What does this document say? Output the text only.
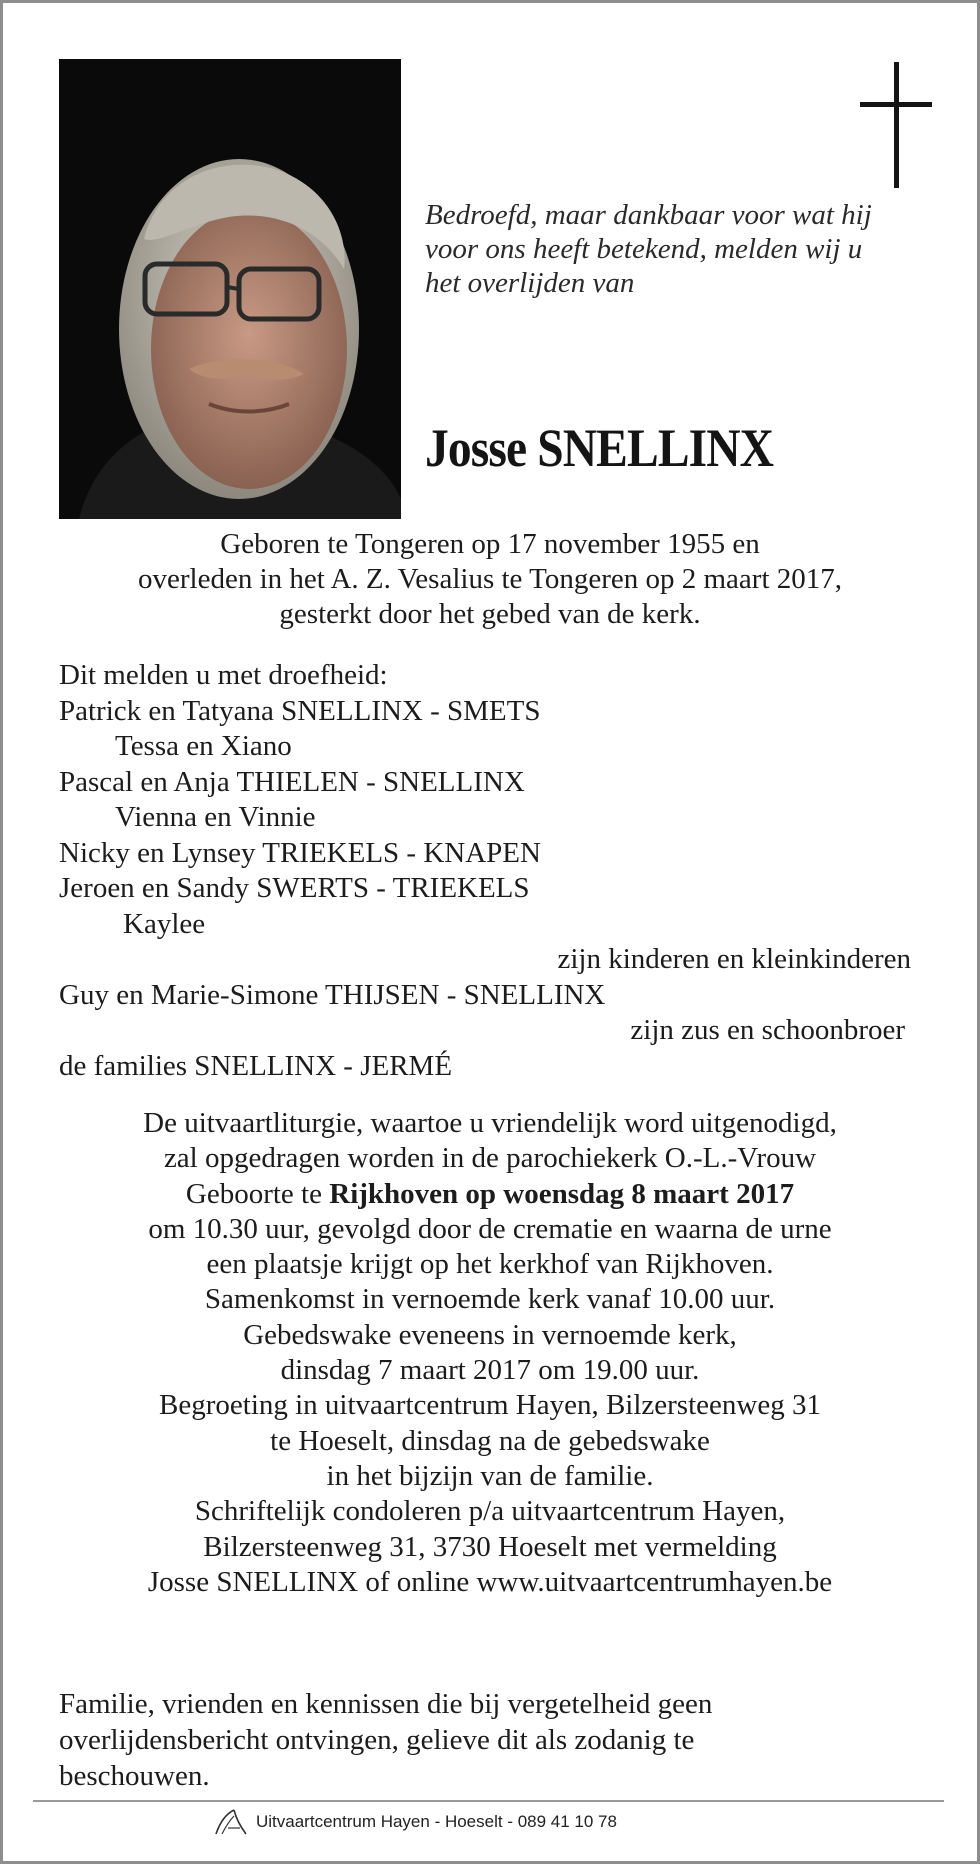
Bedroefd, maar dankbaar voor wat hij
voor ons heeft betekend, melden wij u
het overlijden van
Josse SNELLINX
Geboren te Tongeren op 17 november 1955 en
overleden in het A. Z. Vesalius te Tongeren op 2 maart 2017,
gesterkt door het gebed van de kerk.
Dit melden u met droefheid:
Patrick en Tatyana SNELLINX - SMETS
Tessa en Xiano
Pascal en Anja THIELEN - SNELLINX
Vienna en Vinnie
Nicky en Lynsey TRIEKELS - KNAPEN
Jeroen en Sandy SWERTS - TRIEKELS
Kaylee
zijn kinderen en kleinkinderen
Guy en Marie-Simone THIJSEN - SNELLINX
zijn zus en schoonbroer
de families SNELLINX - JERMÉ
De uitvaartliturgie, waartoe u vriendelijk word uitgenodigd,
zal opgedragen worden in de parochiekerk O.-L.-Vrouw
Geboorte te Rijkhoven op woensdag 8 maart 2017
om 10.30 uur, gevolgd door de crematie en waarna de urne
een plaatsje krijgt op het kerkhof van Rijkhoven.
Samenkomst in vernoemde kerk vanaf 10.00 uur.
Gebedswake eveneens in vernoemde kerk,
dinsdag 7 maart 2017 om 19.00 uur.
Begroeting in uitvaartcentrum Hayen, Bilzersteenweg 31
te Hoeselt, dinsdag na de gebedswake
in het bijzijn van de familie.
Schriftelijk condoleren p/a uitvaartcentrum Hayen,
Bilzersteenweg 31, 3730 Hoeselt met vermelding
Josse SNELLINX of online www.uitvaartcentrumhayen.be
Familie, vrienden en kennissen die bij vergetelheid geen
overlijdensbericht ontvingen, gelieve dit als zodanig te
beschouwen.
Uitvaartcentrum Hayen - Hoeselt - 089 41 10 78
